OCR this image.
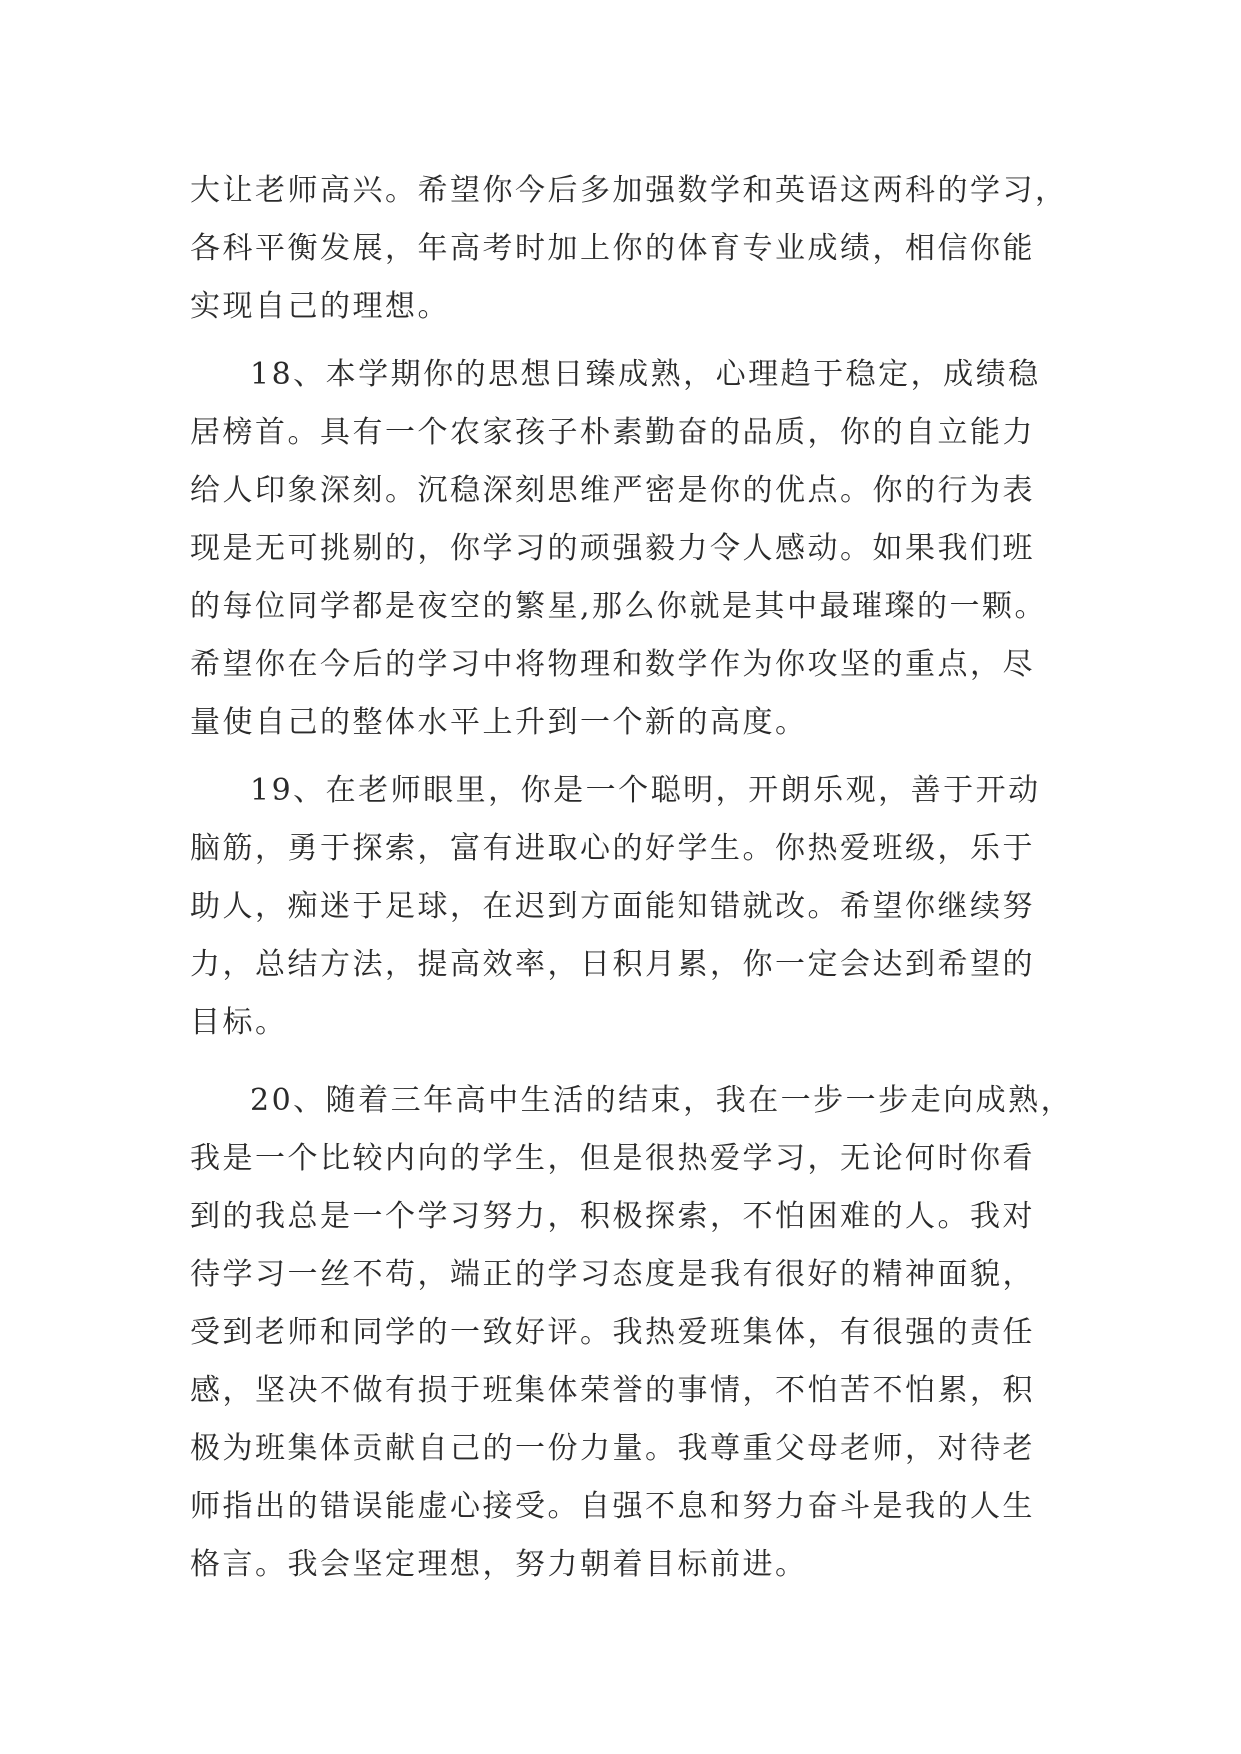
大让老师高兴。希望你今后多加强数学和英语这两科的学习，
各科平衡发展，年高考时加上你的体育专业成绩，相信你能
实现自己的理想。
18、本学期你的思想日臻成熟，心理趋于稳定，成绩稳
居榜首。具有一个农家孩子朴素勤奋的品质，你的自立能力
给人印象深刻。沉稳深刻思维严密是你的优点。你的行为表
现是无可挑剔的，你学习的顽强毅力令人感动。如果我们班
的每位同学都是夜空的繁星,那么你就是其中最璀璨的一颗。
希望你在今后的学习中将物理和数学作为你攻坚的重点，尽
量使自己的整体水平上升到一个新的高度。
19、在老师眼里，你是一个聪明，开朗乐观，善于开动
脑筋，勇于探索，富有进取心的好学生。你热爱班级，乐于
助人，痴迷于足球，在迟到方面能知错就改。希望你继续努
力，总结方法，提高效率，日积月累，你一定会达到希望的
目标。
20、随着三年高中生活的结束，我在一步一步走向成熟，
我是一个比较内向的学生，但是很热爱学习，无论何时你看
到的我总是一个学习努力，积极探索，不怕困难的人。我对
待学习一丝不苟，端正的学习态度是我有很好的精神面貌，
受到老师和同学的一致好评。我热爱班集体，有很强的责任
感，坚决不做有损于班集体荣誉的事情，不怕苦不怕累，积
极为班集体贡献自己的一份力量。我尊重父母老师，对待老
师指出的错误能虚心接受。自强不息和努力奋斗是我的人生
格言。我会坚定理想，努力朝着目标前进。
